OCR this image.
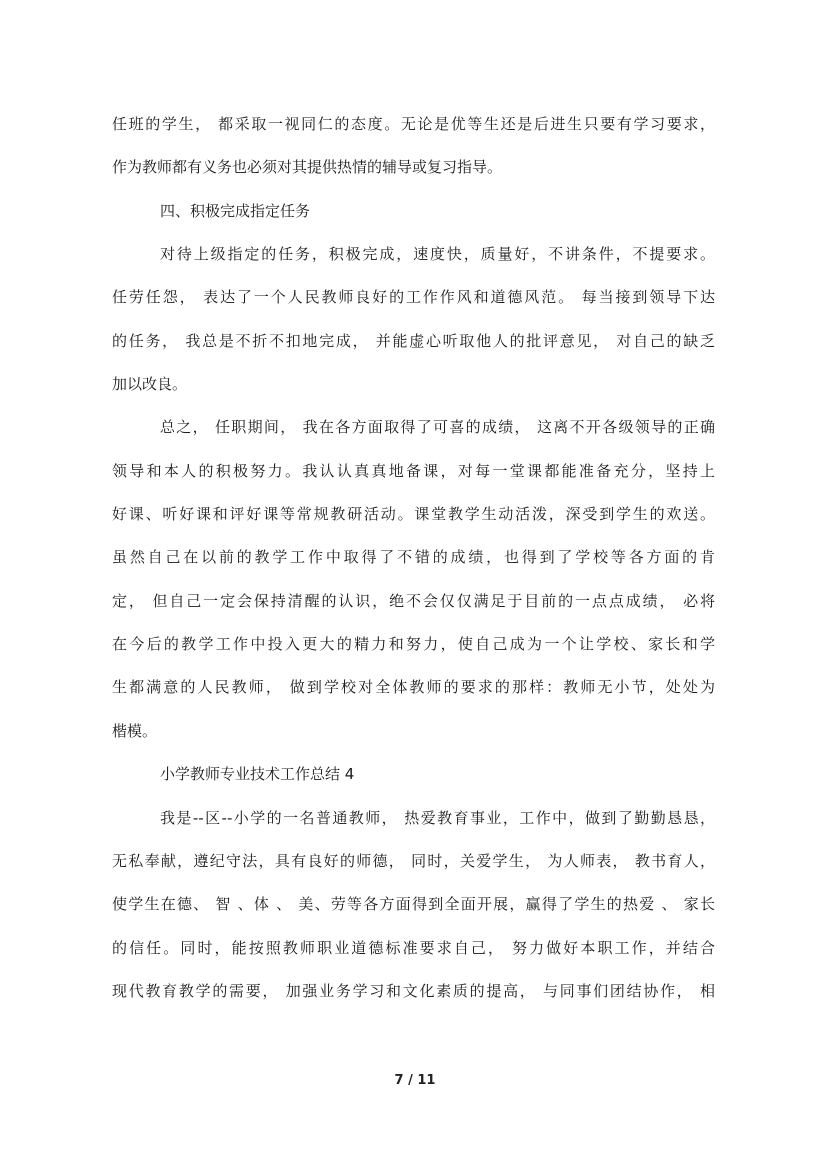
任班的学生， 都采取一视同仁的态度。无论是优等生还是后进生只要有学习要求，
作为教师都有义务也必须对其提供热情的辅导或复习指导。
四、积极完成指定任务
对待上级指定的任务，积极完成，速度快，质量好，不讲条件，不提要求。
任劳任怨， 表达了一个人民教师良好的工作作风和道德风范。 每当接到领导下达
的任务， 我总是不折不扣地完成， 并能虚心听取他人的批评意见， 对自己的缺乏
加以改良。
总之， 任职期间， 我在各方面取得了可喜的成绩， 这离不开各级领导的正确
领导和本人的积极努力。我认认真真地备课，对每一堂课都能准备充分，坚持上
好课、听好课和评好课等常规教研活动。课堂教学生动活泼，深受到学生的欢送。
虽然自己在以前的教学工作中取得了不错的成绩，也得到了学校等各方面的肯
定， 但自己一定会保持清醒的认识，绝不会仅仅满足于目前的一点点成绩， 必将
在今后的教学工作中投入更大的精力和努力，使自己成为一个让学校、家长和学
生都满意的人民教师， 做到学校对全体教师的要求的那样：教师无小节，处处为
楷模。
小学教师专业技术工作总结 4
我是--区--小学的一名普通教师， 热爱教育事业，工作中，做到了勤勤恳恳，
无私奉献，遵纪守法，具有良好的师德， 同时，关爱学生， 为人师表， 教书育人，
使学生在德、 智 、体 、 美、劳等各方面得到全面开展，赢得了学生的热爱 、 家长
的信任。同时，能按照教师职业道德标准要求自己， 努力做好本职工作，并结合
现代教育教学的需要， 加强业务学习和文化素质的提高， 与同事们团结协作， 相
7 / 11
